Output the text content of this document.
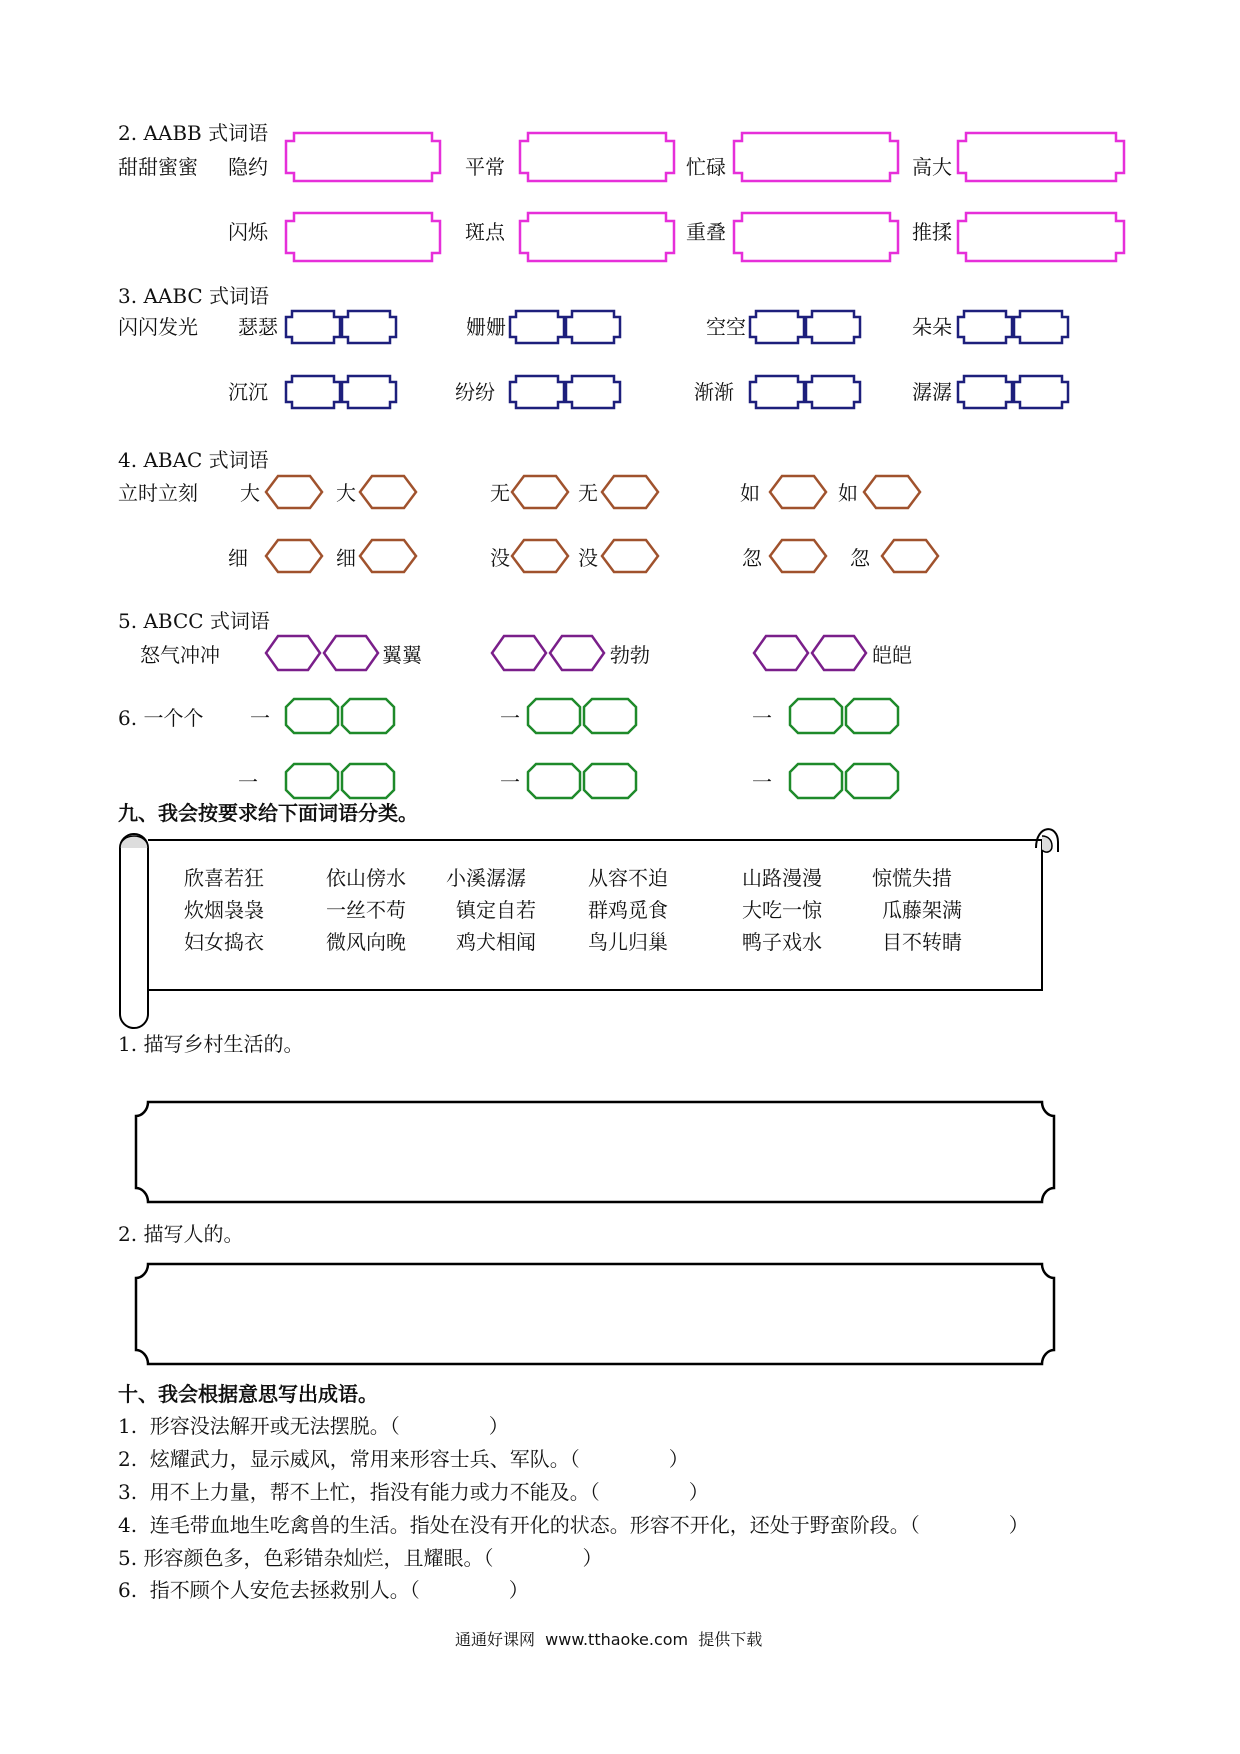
2. AABB 式词语
甜甜蜜蜜 隐约	平常	忙碌	高大
闪烁	斑点	重叠	推揉
3. AABC 式词语
闪闪发光 瑟瑟	姗姗	空空	朵朵
沉沉	纷纷	渐渐	潺潺
4. ABAC 式词语
立时立刻 大	大	无	无	如	如
细	细	没	没	忽	忽
5. ABCC 式词语
怒气冲冲	翼翼	勃勃	皑皑
6. 一个个 一	一	一
一	一	一
九、我会按要求给下面词语分类。
欣喜若狂	依山傍水 小溪潺潺	从容不迫	山路漫漫	惊慌失措
炊烟袅袅	一丝不苟	镇定自若	群鸡觅食	大吃一惊	瓜藤架满
妇女捣衣	微风向晚	鸡犬相闻	鸟儿归巢	鸭子戏水	目不转睛
1. 描写乡村生活的。
2. 描写人的。
十、我会根据意思写出成语。
1.  形容没法解开或无法摆脱。（              ）
2.  炫耀武力，显示威风，常用来形容士兵、军队。（              ）
3.  用不上力量，帮不上忙，指没有能力或力不能及。（              ）
4.  连毛带血地生吃禽兽的生活。指处在没有开化的状态。形容不开化，还处于野蛮阶段。（              ）
5. 形容颜色多，色彩错杂灿烂，且耀眼。（              ）
6.  指不顾个人安危去拯救别人。（              ）
通通好课网  www.tthaoke.com  提供下载
